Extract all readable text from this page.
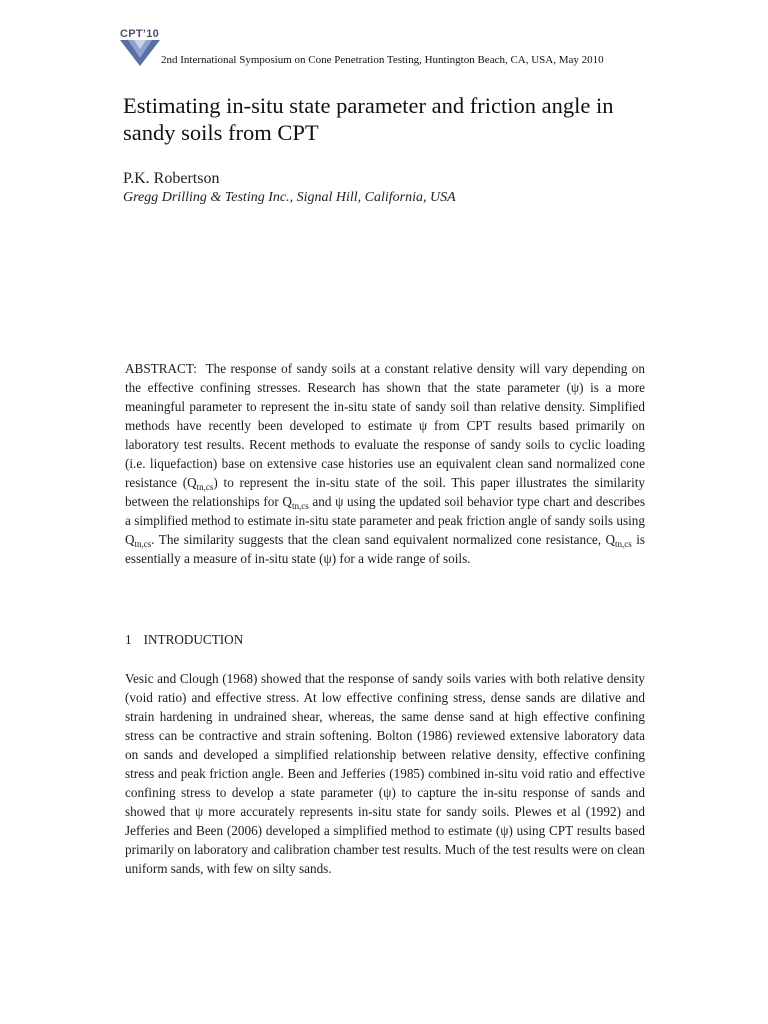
CPT’10
2nd International Symposium on Cone Penetration Testing, Huntington Beach, CA, USA, May 2010
Estimating in-situ state parameter and friction angle in sandy soils from CPT
P.K. Robertson
Gregg Drilling & Testing Inc., Signal Hill, California, USA

ABSTRACT: The response of sandy soils at a constant relative density will vary depending on the effective confining stresses. Research has shown that the state parameter (ψ) is a more meaningful parameter to represent the in-situ state of sandy soil than relative density. Simplified methods have recently been developed to estimate ψ from CPT results based primarily on laboratory test results. Recent methods to evaluate the response of sandy soils to cyclic loading (i.e. liquefaction) base on extensive case histories use an equivalent clean sand normalized cone resistance $(Q_{tn,cs})$ to represent the in-situ state of the soil. This paper illustrates the similarity between the relationships for $Q_{tn,cs}$ and ψ using the updated soil behavior type chart and describes a simplified method to estimate in-situ state parameter and peak friction angle of sandy soils using $Q_{tn,cs}$. The similarity suggests that the clean sand equivalent normalized cone resistance, $Q_{tn,cs}$ is essentially a measure of in-situ state (ψ) for a wide range of soils.

1 INTRODUCTION

Vesic and Clough (1968) showed that the response of sandy soils varies with both relative density (void ratio) and effective stress. At low effective confining stress, dense sands are dilative and strain hardening in undrained shear, whereas, the same dense sand at high effective confining stress can be contractive and strain softening. Bolton (1986) reviewed extensive laboratory data on sands and developed a simplified relationship between relative density, effective confining stress and peak friction angle. Been and Jefferies (1985) combined in-situ void ratio and effective confining stress to develop a state parameter (ψ) to capture the in-situ response of sands and showed that ψ more accurately represents in-situ state for sandy soils. Plewes et al (1992) and Jefferies and Been (2006) developed a simplified method to estimate (ψ) using CPT results based primarily on laboratory and calibration chamber test results. Much of the test results were on clean uniform sands, with few on silty sands.
